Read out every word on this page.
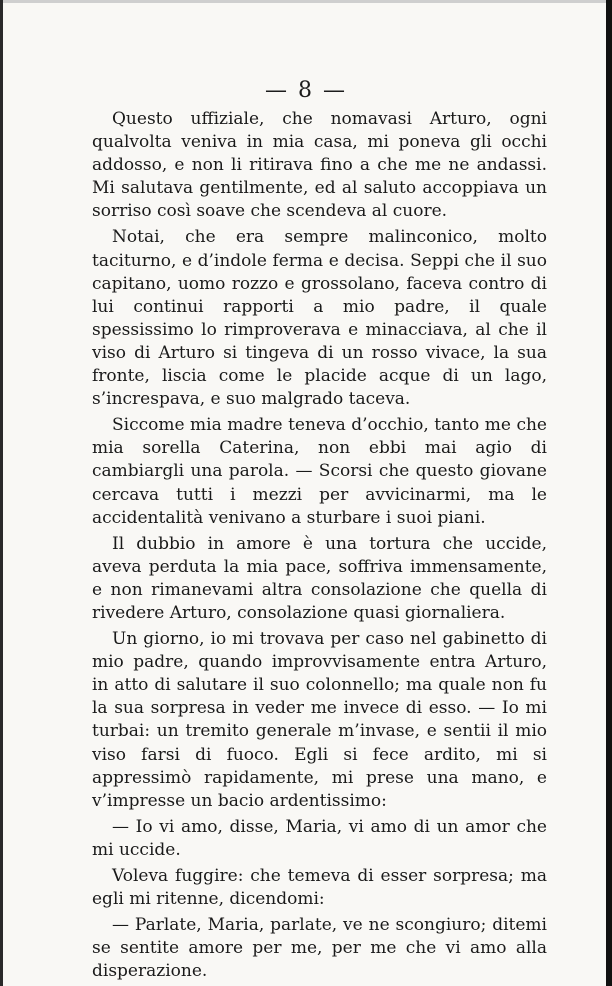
— 8 —

Questo uffiziale, che nomavasi Arturo, ogni qualvolta veniva in mia casa, mi poneva gli occhi addosso, e non li ritirava fino a che me ne andassi. Mi salutava gentilmente, ed al saluto accoppiava un sorriso così soave che scendeva al cuore.

Notai, che era sempre malinconico, molto taciturno, e d’indole ferma e decisa. Seppi che il suo capitano, uomo rozzo e grossolano, faceva contro di lui continui rapporti a mio padre, il quale spessissimo lo rimproverava e minacciava, al che il viso di Arturo si tingeva di un rosso vivace, la sua fronte, liscia come le placide acque di un lago, s’increspava, e suo malgrado taceva.

Siccome mia madre teneva d’occhio, tanto me che mia sorella Caterina, non ebbi mai agio di cambiargli una parola. — Scorsi che questo giovane cercava tutti i mezzi per avvicinarmi, ma le accidentalità venivano a sturbare i suoi piani.

Il dubbio in amore è una tortura che uccide, aveva perduta la mia pace, soffriva immensamente, e non rimanevami altra consolazione che quella di rivedere Arturo, consolazione quasi giornaliera.

Un giorno, io mi trovava per caso nel gabinetto di mio padre, quando improvvisamente entra Arturo, in atto di salutare il suo colonnello; ma quale non fu la sua sorpresa in veder me invece di esso. — Io mi turbai: un tremito generale m’invase, e sentii il mio viso farsi di fuoco. Egli si fece ardito, mi si appressimò rapidamente, mi prese una mano, e v’impresse un bacio ardentissimo:

— Io vi amo, disse, Maria, vi amo di un amor che mi uccide.

Voleva fuggire: che temeva di esser sorpresa; ma egli mi ritenne, dicendomi:

— Parlate, Maria, parlate, ve ne scongiuro; ditemi se sentite amore per me, per me che vi amo alla disperazione.
